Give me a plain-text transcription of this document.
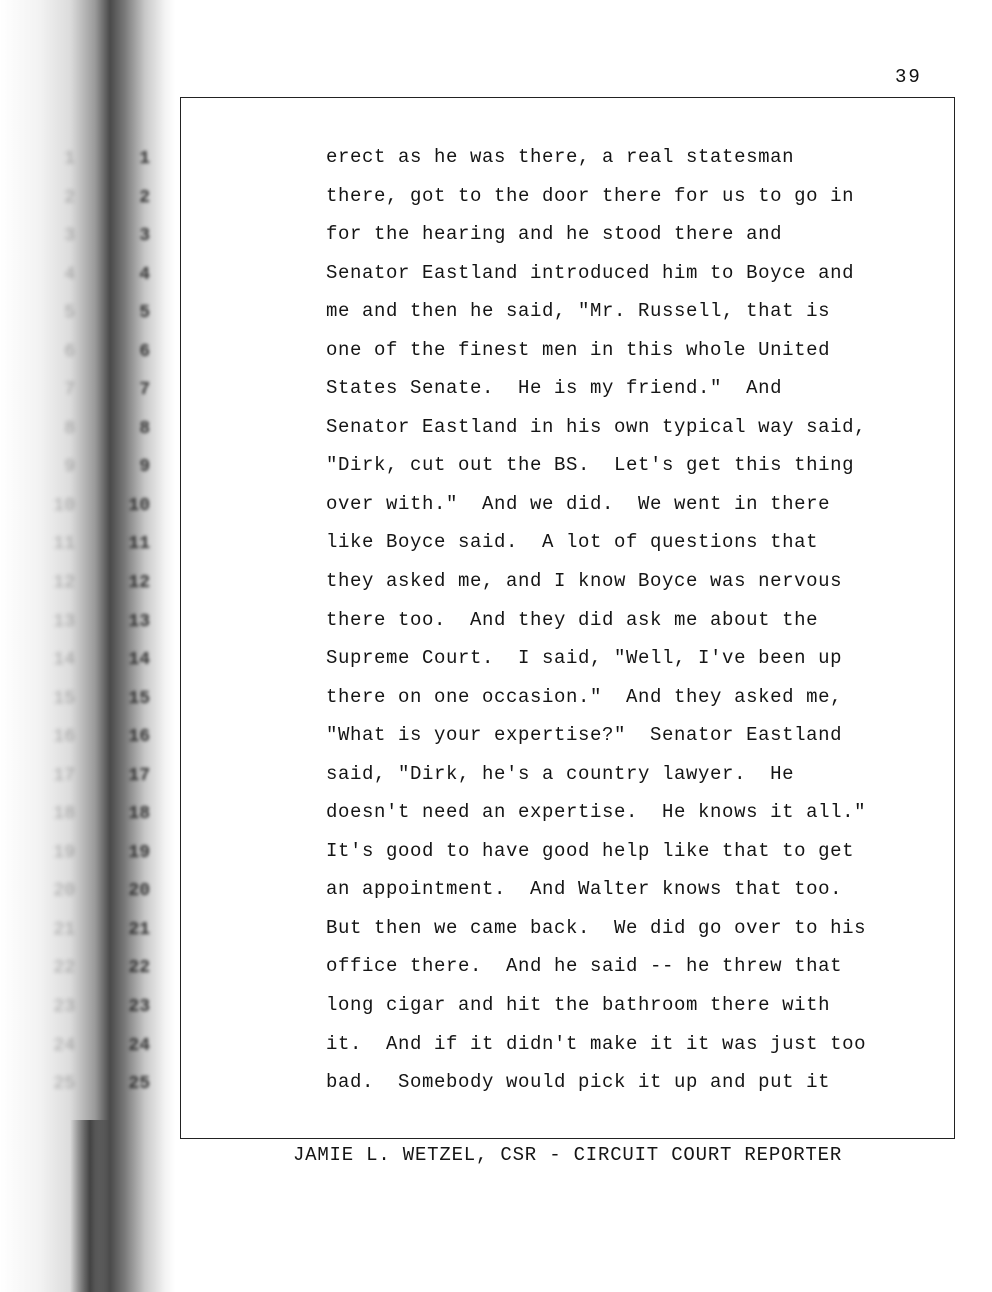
1
2
3
4
5
6
7
8
9
10
11
12
13
14
15
16
17
18
19
20
21
22
23
24
25
39
1
2
3
4
5
6
7
8
9
10
11
12
13
14
15
16
17
18
19
20
21
22
23
24
25
erect as he was there, a real statesman
there, got to the door there for us to go in
for the hearing and he stood there and
Senator Eastland introduced him to Boyce and
me and then he said, "Mr. Russell, that is
one of the finest men in this whole United
States Senate.  He is my friend."  And
Senator Eastland in his own typical way said,
"Dirk, cut out the BS.  Let's get this thing
over with."  And we did.  We went in there
like Boyce said.  A lot of questions that
they asked me, and I know Boyce was nervous
there too.  And they did ask me about the
Supreme Court.  I said, "Well, I've been up
there on one occasion."  And they asked me,
"What is your expertise?"  Senator Eastland
said, "Dirk, he's a country lawyer.  He
doesn't need an expertise.  He knows it all."
It's good to have good help like that to get
an appointment.  And Walter knows that too.
But then we came back.  We did go over to his
office there.  And he said -- he threw that
long cigar and hit the bathroom there with
it.  And if it didn't make it it was just too
bad.  Somebody would pick it up and put it
JAMIE L. WETZEL, CSR - CIRCUIT COURT REPORTER
